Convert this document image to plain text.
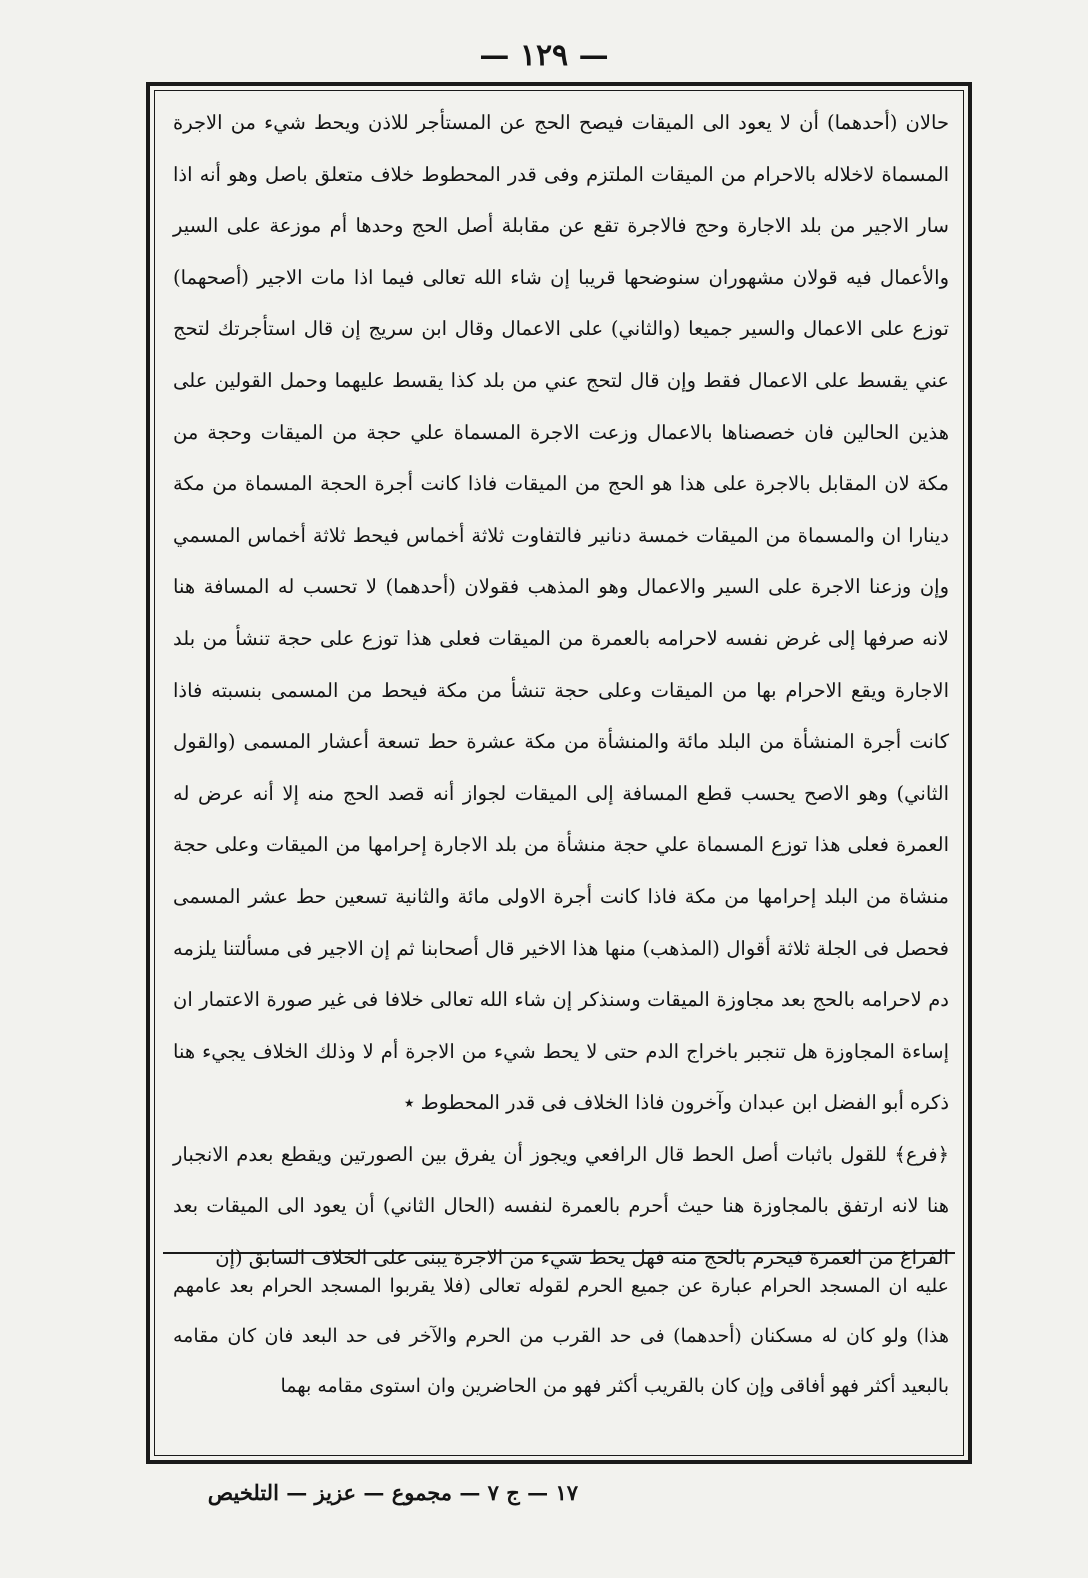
— ١٢٩ —

حالان (أحدهما) أن لا يعود الى الميقات فيصح الحج عن المستأجر للاذن ويحط شيء من الاجرة المسماة لاخلاله بالاحرام من الميقات الملتزم وفى قدر المحطوط خلاف متعلق باصل وهو أنه اذا سار الاجير من بلد الاجارة وحج فالاجرة تقع عن مقابلة أصل الحج وحدها أم موزعة على السير والأعمال فيه قولان مشهوران سنوضحها قريبا إن شاء الله تعالى فيما اذا مات الاجير (أصحهما) توزع على الاعمال والسير جميعا (والثاني) على الاعمال وقال ابن سريج إن قال استأجرتك لتحج عني يقسط على الاعمال فقط وإن قال لتحج عني من بلد كذا يقسط عليهما وحمل القولين على هذين الحالين فان خصصناها بالاعمال وزعت الاجرة المسماة علي حجة من الميقات وحجة من مكة لان المقابل بالاجرة على هذا هو الحج من الميقات فاذا كانت أجرة الحجة المسماة من مكة دينارا ان والمسماة من الميقات خمسة دنانير فالتفاوت ثلاثة أخماس فيحط ثلاثة أخماس المسمي وإن وزعنا الاجرة على السير والاعمال وهو المذهب فقولان (أحدهما) لا تحسب له المسافة هنا لانه صرفها إلى غرض نفسه لاحرامه بالعمرة من الميقات فعلى هذا توزع على حجة تنشأ من بلد الاجارة ويقع الاحرام بها من الميقات وعلى حجة تنشأ من مكة فيحط من المسمى بنسبته فاذا كانت أجرة المنشأة من البلد مائة والمنشأة من مكة عشرة حط تسعة أعشار المسمى (والقول الثاني) وهو الاصح يحسب قطع المسافة إلى الميقات لجواز أنه قصد الحج منه إلا أنه عرض له العمرة فعلى هذا توزع المسماة علي حجة منشأة من بلد الاجارة إحرامها من الميقات وعلى حجة منشاة من البلد إحرامها من مكة فاذا كانت أجرة الاولى مائة والثانية تسعين حط عشر المسمى فحصل فى الجلة ثلاثة أقوال (المذهب) منها هذا الاخير قال أصحابنا ثم إن الاجير فى مسألتنا يلزمه دم لاحرامه بالحج بعد مجاوزة الميقات وسنذكر إن شاء الله تعالى خلافا فى غير صورة الاعتمار ان إساءة المجاوزة هل تنجبر باخراج الدم حتى لا يحط شيء من الاجرة أم لا وذلك الخلاف يجيء هنا ذكره أبو الفضل ابن عبدان وآخرون فاذا الخلاف فى قدر المحطوط ٭

﴿فرع﴾ للقول باثبات أصل الحط قال الرافعي ويجوز أن يفرق بين الصورتين ويقطع بعدم الانجبار هنا لانه ارتفق بالمجاوزة هنا حيث أحرم بالعمرة لنفسه (الحال الثاني) أن يعود الى الميقات بعد الفراغ من العمرة فيحرم بالحج منه فهل يحط شيء من الاجرة يبنى على الخلاف السابق (إن

عليه ان المسجد الحرام عبارة عن جميع الحرم لقوله تعالى (فلا يقربوا المسجد الحرام بعد عامهم هذا) ولو كان له مسكنان (أحدهما) فى حد القرب من الحرم والآخر فى حد البعد فان كان مقامه بالبعيد أكثر فهو أفاقى وإن كان بالقريب أكثر فهو من الحاضرين وان استوى مقامه بهما
١٧ — ج ٧ — مجموع — عزيز — التلخيص
